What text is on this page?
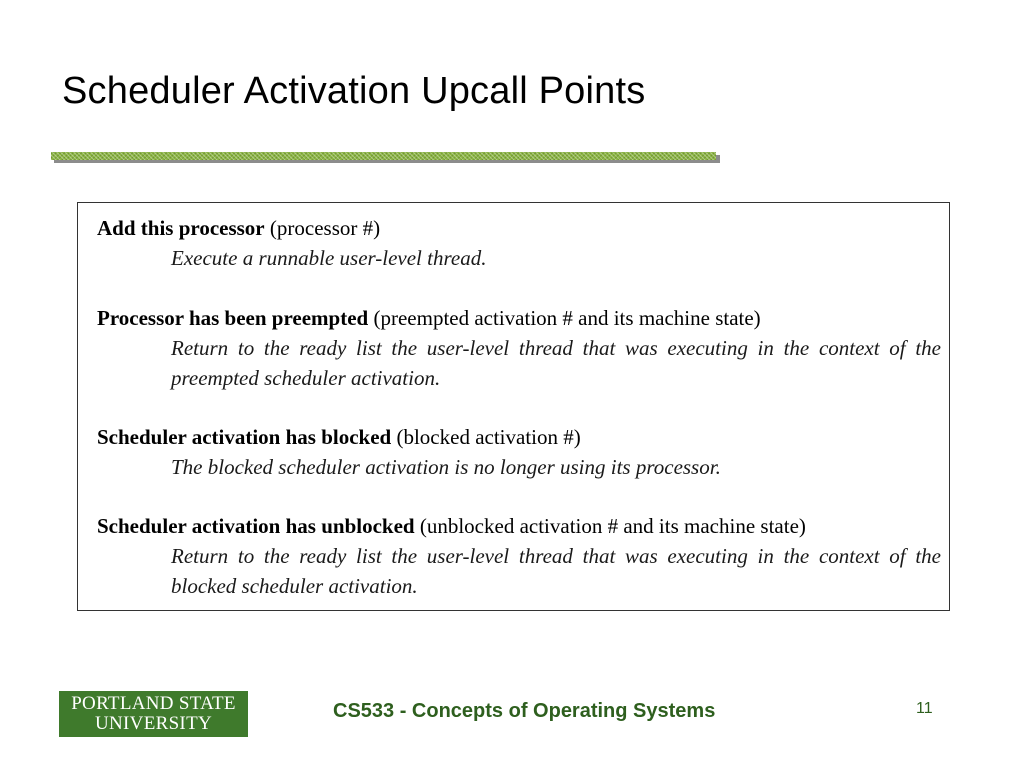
Scheduler Activation Upcall Points
Add this processor (processor #)
Execute a runnable user-level thread.
Processor has been preempted (preempted activation # and its machine state)
Return to the ready list the user-level thread that was executing in the context of the preempted scheduler activation.
Scheduler activation has blocked (blocked activation #)
The blocked scheduler activation is no longer using its processor.
Scheduler activation has unblocked (unblocked activation # and its machine state)
Return to the ready list the user-level thread that was executing in the context of the blocked scheduler activation.
PORTLAND STATE
UNIVERSITY
CS533 - Concepts of Operating Systems	11
